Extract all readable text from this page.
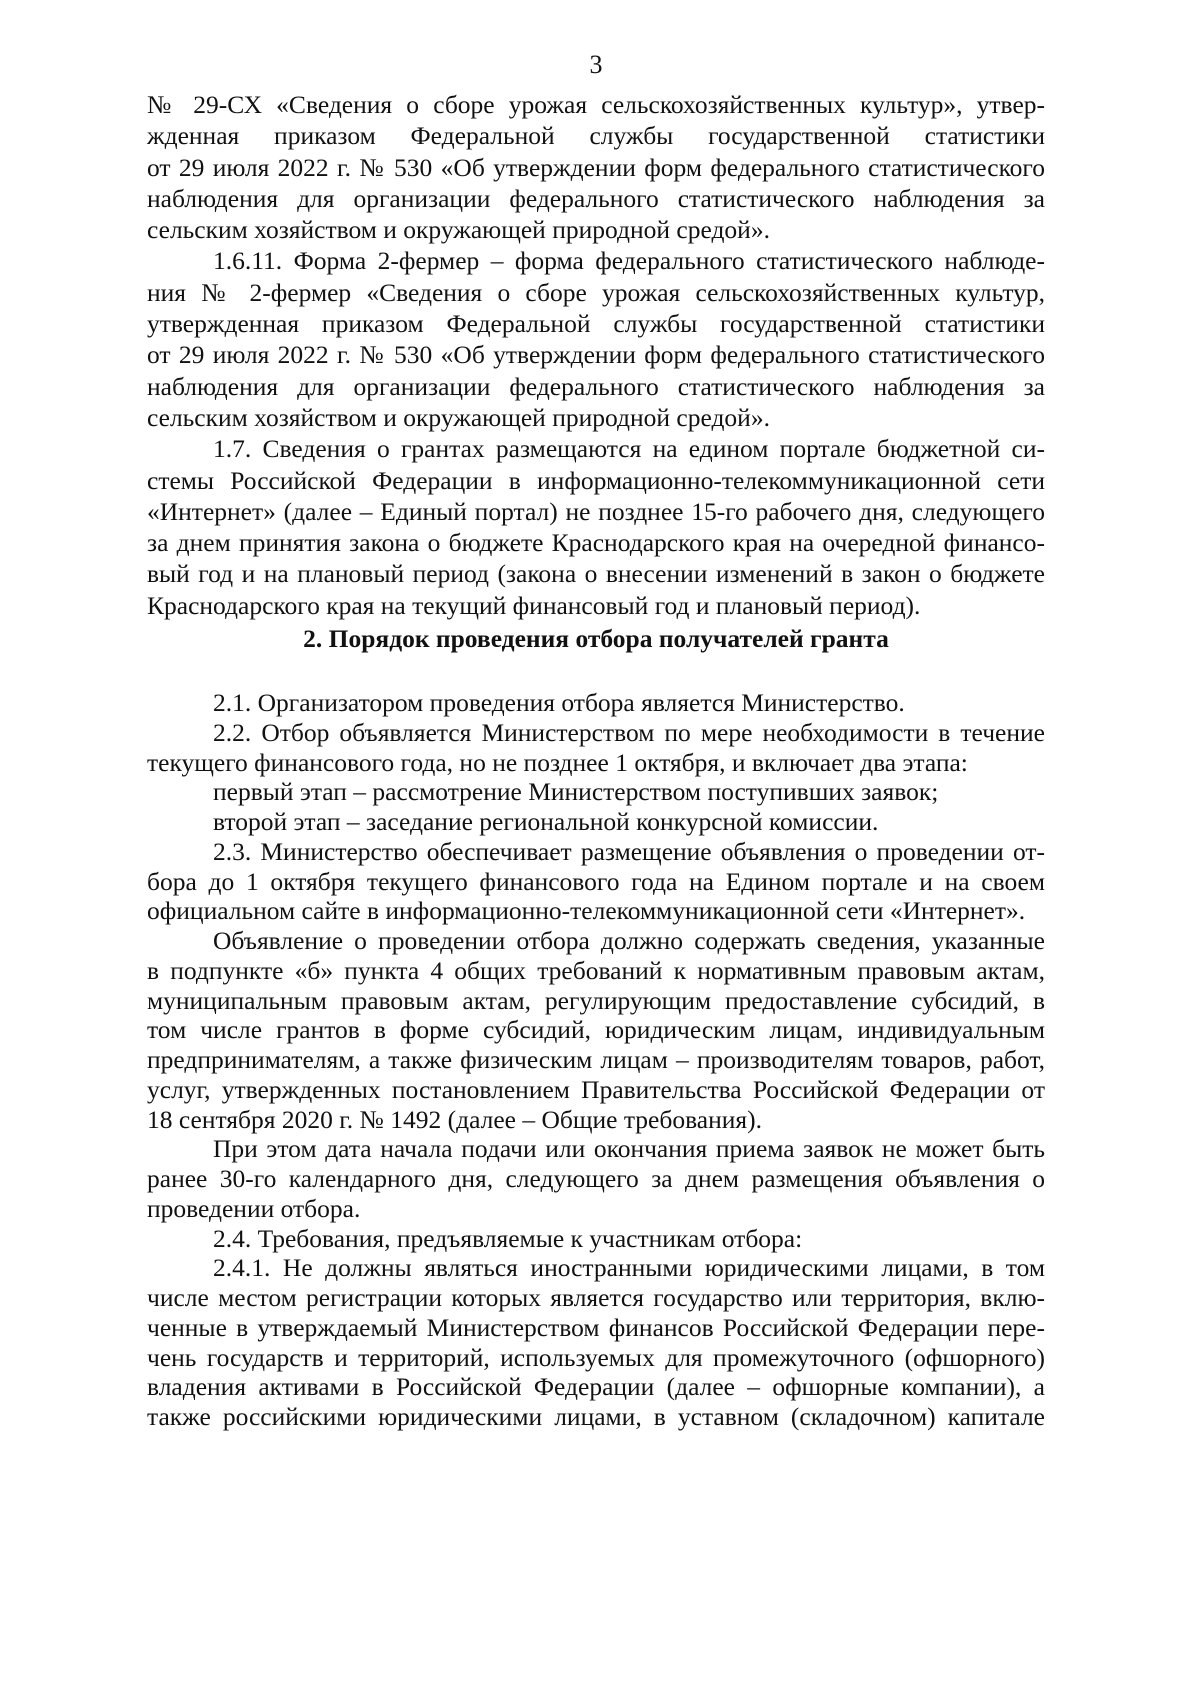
3
№ 29-СХ «Сведения о сборе урожая сельскохозяйственных культур», утвер-
жденная приказом Федеральной службы государственной статистики
от 29 июля 2022 г. № 530 «Об утверждении форм федерального статистического
наблюдения для организации федерального статистического наблюдения за
сельским хозяйством и окружающей природной средой».
1.6.11. Форма 2-фермер – форма федерального статистического наблюде-
ния № 2-фермер «Сведения о сборе урожая сельскохозяйственных культур,
утвержденная приказом Федеральной службы государственной статистики
от 29 июля 2022 г. № 530 «Об утверждении форм федерального статистического
наблюдения для организации федерального статистического наблюдения за
сельским хозяйством и окружающей природной средой».
1.7. Сведения о грантах размещаются на едином портале бюджетной си-
стемы Российской Федерации в информационно-телекоммуникационной сети
«Интернет» (далее – Единый портал) не позднее 15-го рабочего дня, следующего
за днем принятия закона о бюджете Краснодарского края на очередной финансо-
вый год и на плановый период (закона о внесении изменений в закон о бюджете
Краснодарского края на текущий финансовый год и плановый период).
2. Порядок проведения отбора получателей гранта
2.1. Организатором проведения отбора является Министерство.
2.2. Отбор объявляется Министерством по мере необходимости в течение
текущего финансового года, но не позднее 1 октября, и включает два этапа:
первый этап – рассмотрение Министерством поступивших заявок;
второй этап – заседание региональной конкурсной комиссии.
2.3. Министерство обеспечивает размещение объявления о проведении от-
бора до 1 октября текущего финансового года на Едином портале и на своем
официальном сайте в информационно-телекоммуникационной сети «Интернет».
Объявление о проведении отбора должно содержать сведения, указанные
в подпункте «б» пункта 4 общих требований к нормативным правовым актам,
муниципальным правовым актам, регулирующим предоставление субсидий, в
том числе грантов в форме субсидий, юридическим лицам, индивидуальным
предпринимателям, а также физическим лицам – производителям товаров, работ,
услуг, утвержденных постановлением Правительства Российской Федерации от
18 сентября 2020 г. № 1492 (далее – Общие требования).
При этом дата начала подачи или окончания приема заявок не может быть
ранее 30-го календарного дня, следующего за днем размещения объявления о
проведении отбора.
2.4. Требования, предъявляемые к участникам отбора:
2.4.1. Не должны являться иностранными юридическими лицами, в том
числе местом регистрации которых является государство или территория, вклю-
ченные в утверждаемый Министерством финансов Российской Федерации пере-
чень государств и территорий, используемых для промежуточного (офшорного)
владения активами в Российской Федерации (далее – офшорные компании), а
также российскими юридическими лицами, в уставном (складочном) капитале
